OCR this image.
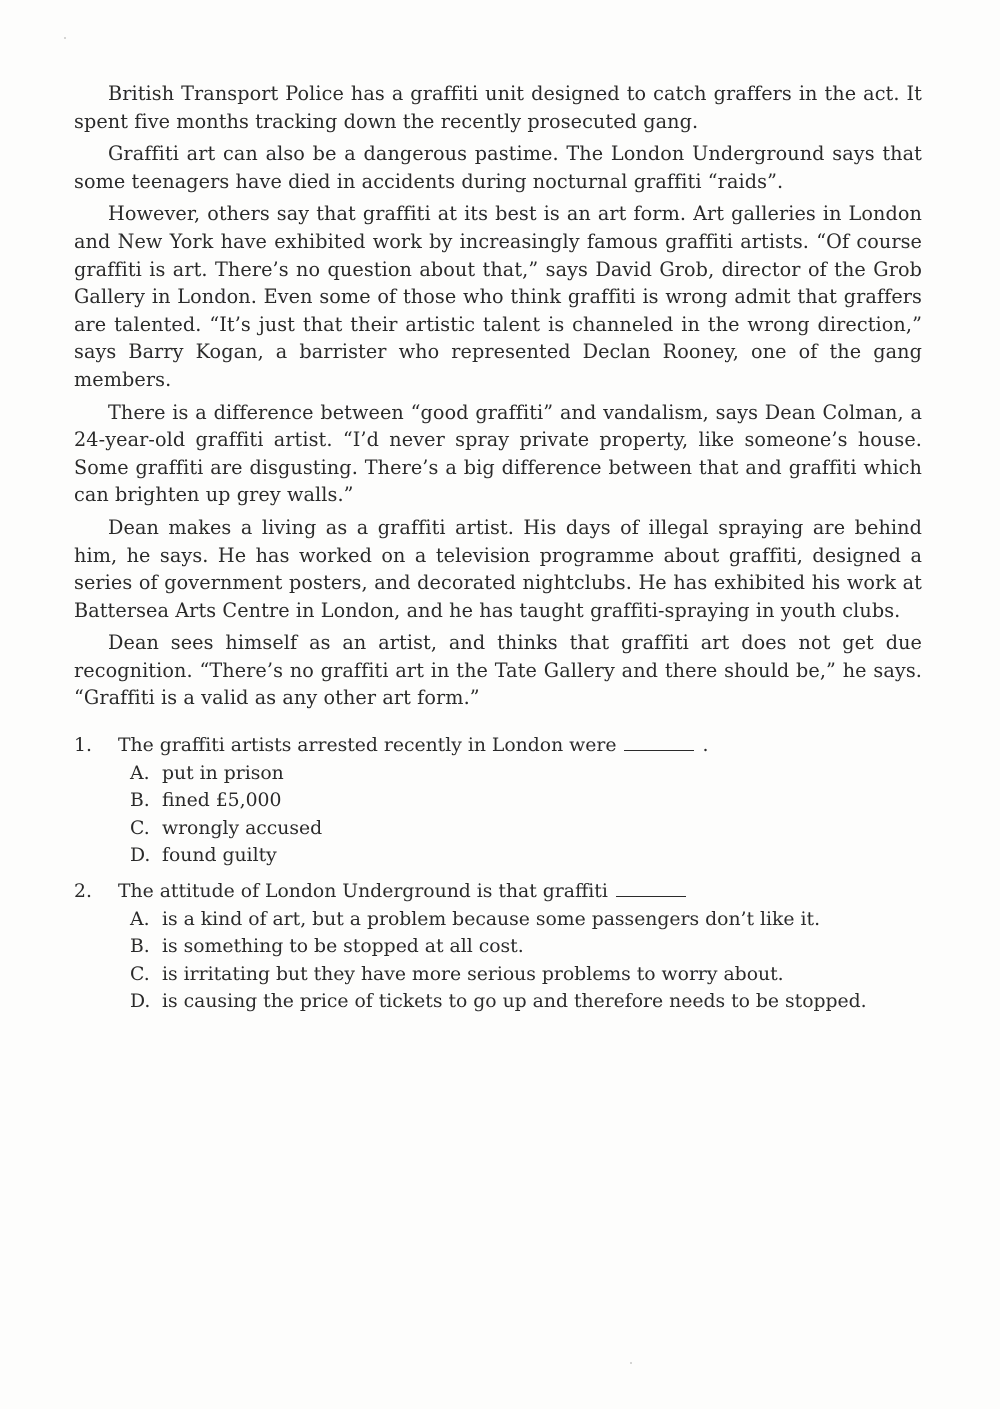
British Transport Police has a graffiti unit designed to catch graffers in the act. It spent five months tracking down the recently prosecuted gang.

Graffiti art can also be a dangerous pastime. The London Underground says that some teenagers have died in accidents during nocturnal graffiti “raids”.

However, others say that graffiti at its best is an art form. Art galleries in London and New York have exhibited work by increasingly famous graffiti artists. “Of course graffiti is art. There’s no question about that,” says David Grob, director of the Grob Gallery in London. Even some of those who think graffiti is wrong admit that graffers are talented. “It’s just that their artistic talent is channeled in the wrong direction,” says Barry Kogan, a barrister who represented Declan Rooney, one of the gang members.

There is a difference between “good graffiti” and vandalism, says Dean Colman, a 24-year-old graffiti artist. “I’d never spray private property, like someone’s house. Some graffiti are disgusting. There’s a big difference between that and graffiti which can brighten up grey walls.”

Dean makes a living as a graffiti artist. His days of illegal spraying are behind him, he says. He has worked on a television programme about graffiti, designed a series of government posters, and decorated nightclubs. He has exhibited his work at Battersea Arts Centre in London, and he has taught graffiti-spraying in youth clubs.

Dean sees himself as an artist, and thinks that graffiti art does not get due recognition. “There’s no graffiti art in the Tate Gallery and there should be,” he says. “Graffiti is a valid as any other art form.”

1.	The graffiti artists arrested recently in London were	.
A. put in prison
B. fined £5,000
C. wrongly accused
D. found guilty
2.	The attitude of London Underground is that graffiti
A. is a kind of art, but a problem because some passengers don’t like it.
B. is something to be stopped at all cost.
C. is irritating but they have more serious problems to worry about.
D. is causing the price of tickets to go up and therefore needs to be stopped.
